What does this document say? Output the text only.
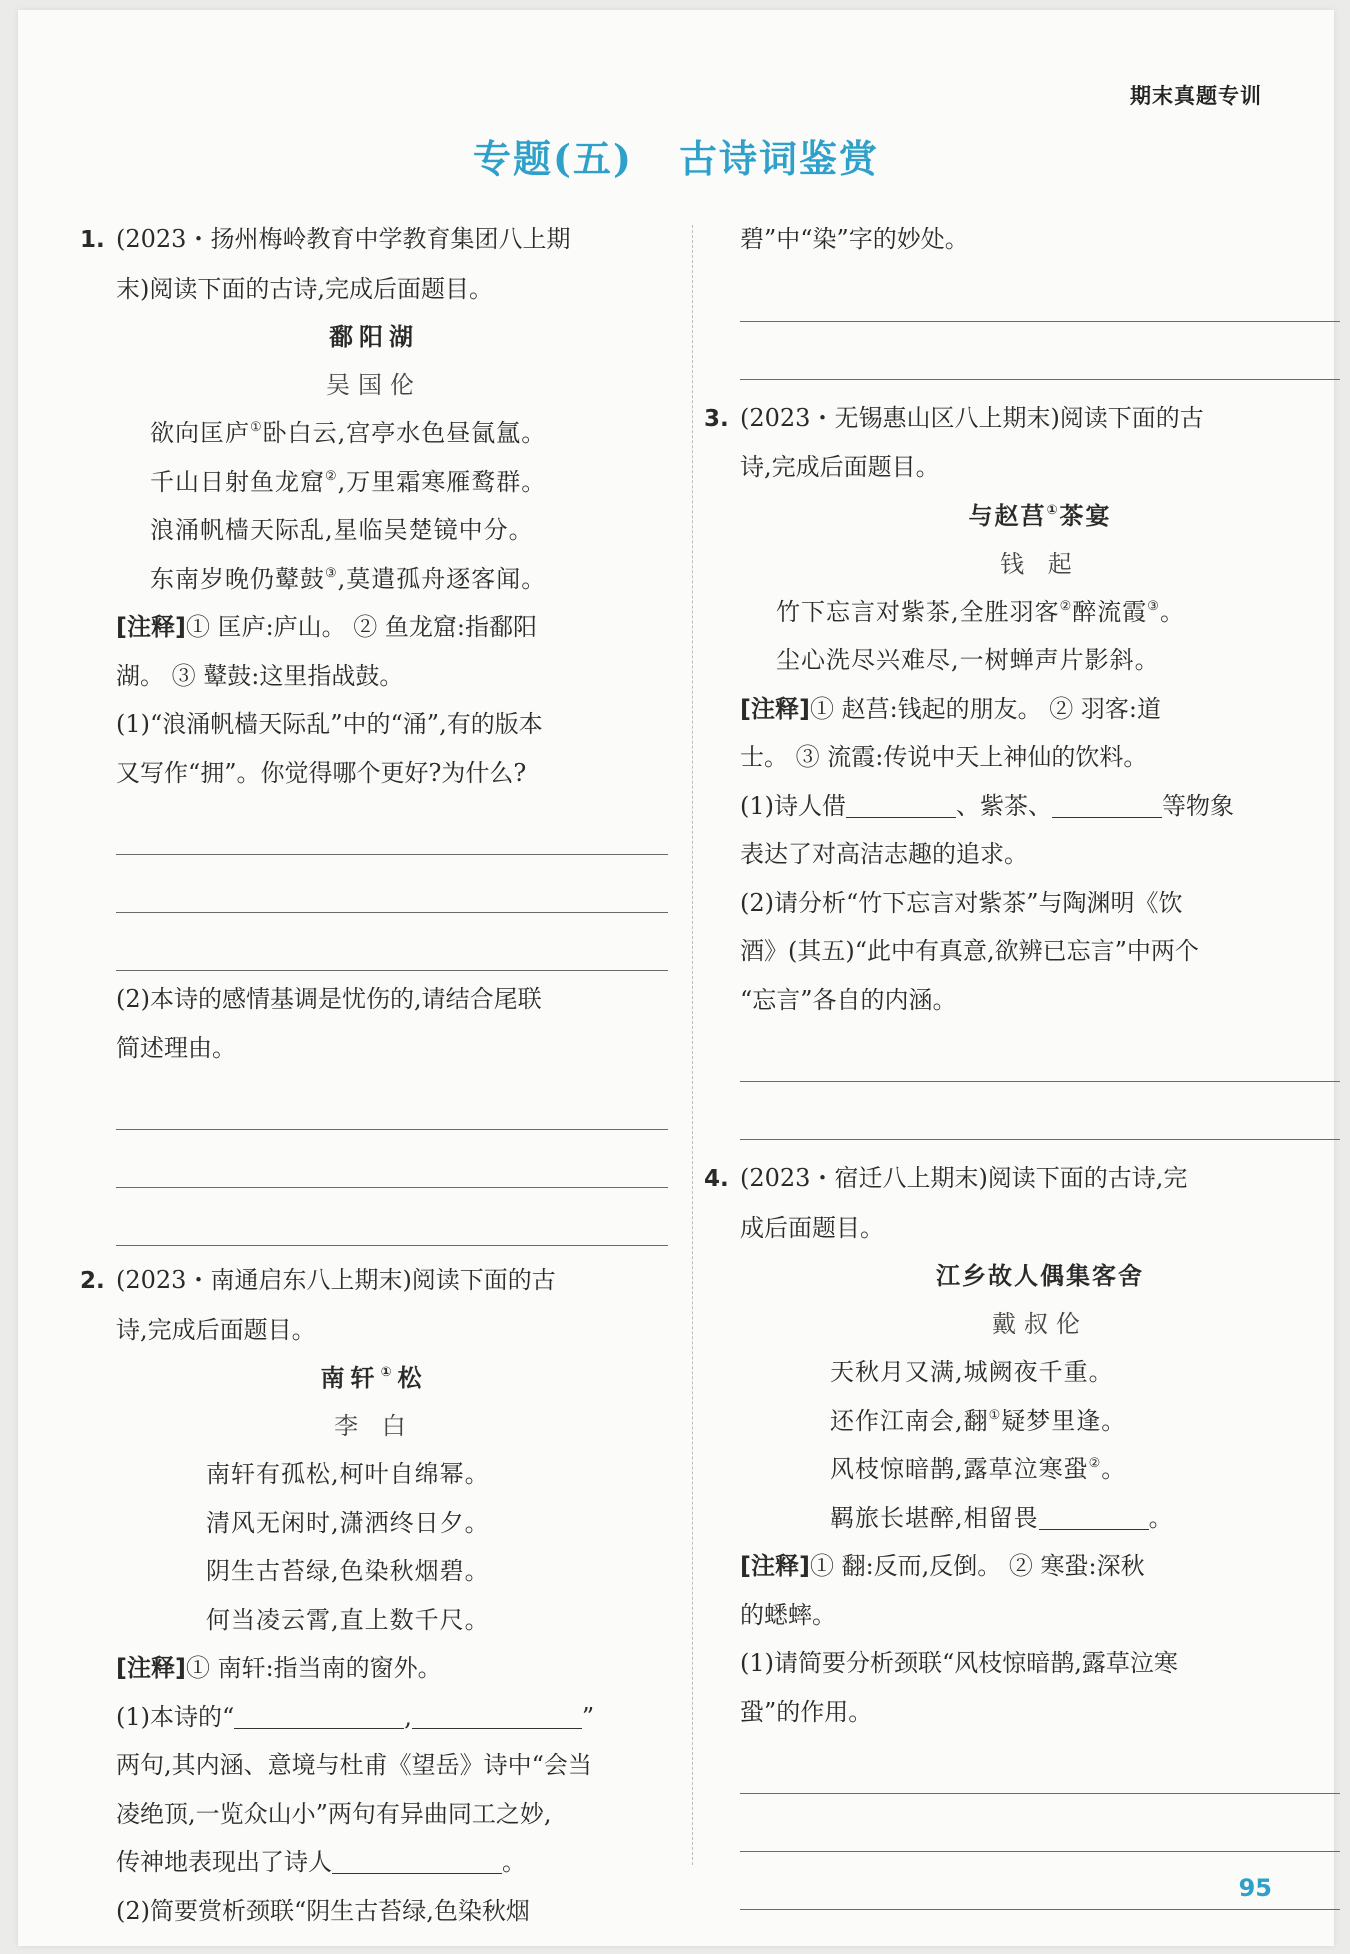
期末真题专训
专题(五) 古诗词鉴赏
1. (2023・扬州梅岭教育中学教育集团八上期
末)阅读下面的古诗,完成后面题目。
鄱阳湖
吴国伦
欲向匡庐①卧白云,宫亭水色昼氤氲。
千山日射鱼龙窟②,万里霜寒雁鹜群。
浪涌帆樯天际乱,星临吴楚镜中分。
东南岁晚仍鼙鼓③,莫遣孤舟逐客闻。
[注释]① 匡庐:庐山。 ② 鱼龙窟:指鄱阳
湖。 ③ 鼙鼓:这里指战鼓。
(1)“浪涌帆樯天际乱”中的“涌”,有的版本
又写作“拥”。你觉得哪个更好?为什么?
(2)本诗的感情基调是忧伤的,请结合尾联
简述理由。
2. (2023・南通启东八上期末)阅读下面的古
诗,完成后面题目。
南轩①松
李 白
南轩有孤松,柯叶自绵幂。
清风无闲时,潇洒终日夕。
阴生古苔绿,色染秋烟碧。
何当凌云霄,直上数千尺。
[注释]① 南轩:指当南的窗外。
(1)本诗的“	,	”
两句,其内涵、意境与杜甫《望岳》诗中“会当
凌绝顶,一览众山小”两句有异曲同工之妙,
传神地表现出了诗人	。
(2)简要赏析颈联“阴生古苔绿,色染秋烟
碧”中“染”字的妙处。
3. (2023・无锡惠山区八上期末)阅读下面的古
诗,完成后面题目。
与赵莒①茶宴
钱 起
竹下忘言对紫茶,全胜羽客②醉流霞③。
尘心洗尽兴难尽,一树蝉声片影斜。
[注释]① 赵莒:钱起的朋友。 ② 羽客:道
士。 ③ 流霞:传说中天上神仙的饮料。
(1)诗人借	、紫茶、	等物象
表达了对高洁志趣的追求。
(2)请分析“竹下忘言对紫茶”与陶渊明《饮
酒》(其五)“此中有真意,欲辨已忘言”中两个
“忘言”各自的内涵。
4. (2023・宿迁八上期末)阅读下面的古诗,完
成后面题目。
江乡故人偶集客舍
戴叔伦
天秋月又满,城阙夜千重。
还作江南会,翻①疑梦里逢。
风枝惊暗鹊,露草泣寒蛩②。
羁旅长堪醉,相留畏	。
[注释]① 翻:反而,反倒。 ② 寒蛩:深秋
的蟋蟀。
(1)请简要分析颈联“风枝惊暗鹊,露草泣寒
蛩”的作用。
95
